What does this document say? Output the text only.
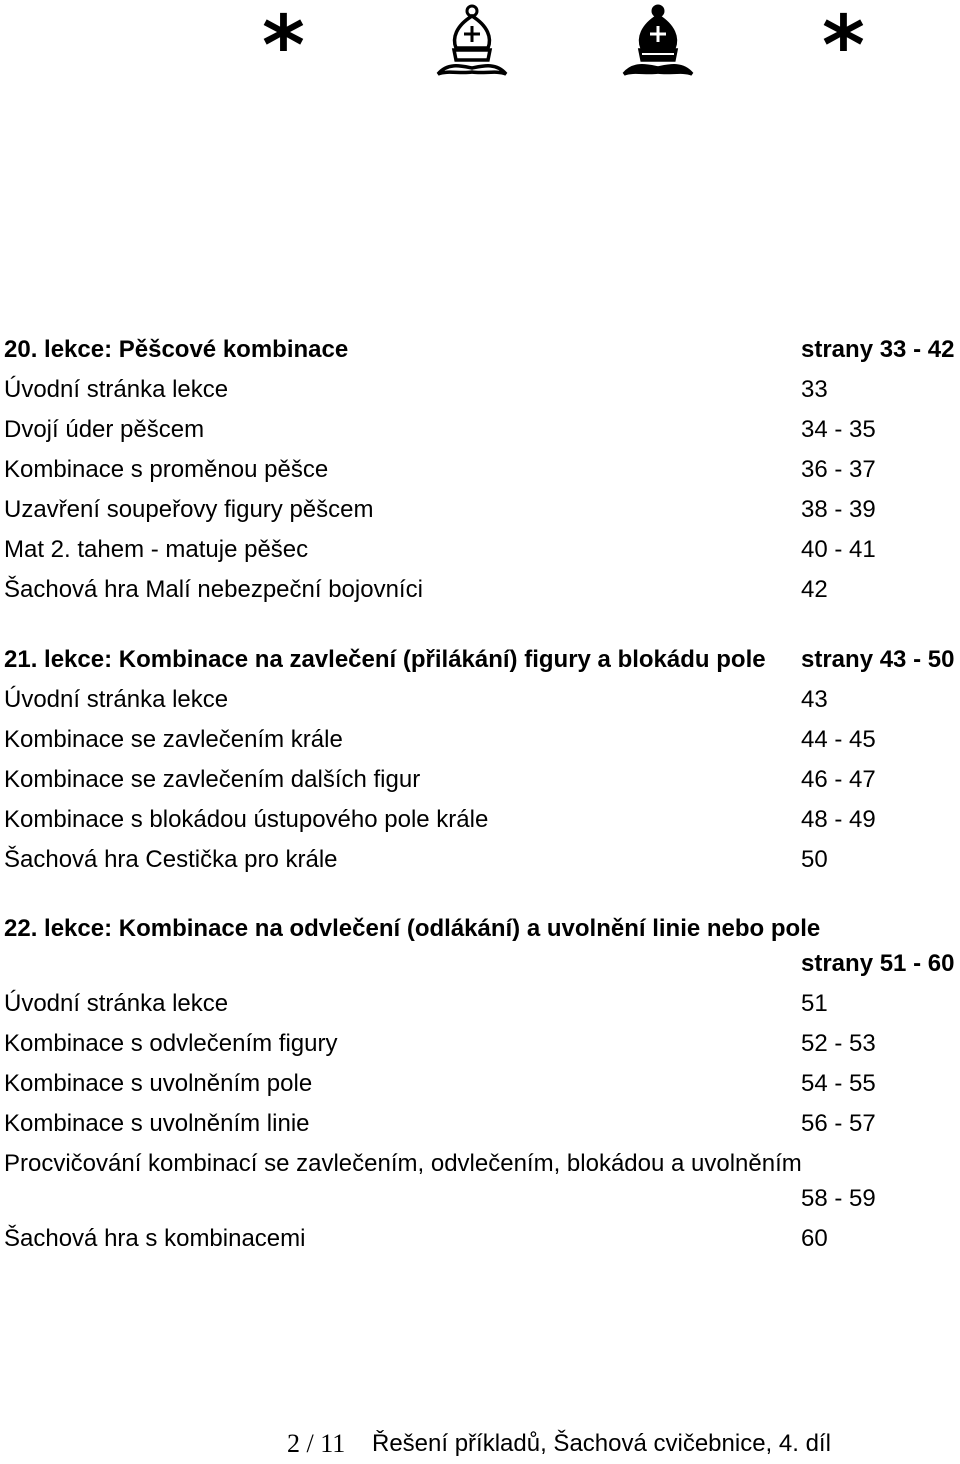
*	*
20. lekce: Pěšcové kombinace	strany 33 - 42
Úvodní stránka lekce	33
Dvojí úder pěšcem	34 - 35
Kombinace s proměnou pěšce	36 - 37
Uzavření soupeřovy figury pěšcem	38 - 39
Mat 2. tahem - matuje pěšec	40 - 41
Šachová hra Malí nebezpeční bojovníci	42
21. lekce: Kombinace na zavlečení (přilákání) figury a blokádu pole strany 43 - 50
Úvodní stránka lekce	43
Kombinace se zavlečením krále	44 - 45
Kombinace se zavlečením dalších figur	46 - 47
Kombinace s blokádou ústupového pole krále	48 - 49
Šachová hra Cestička pro krále	50
22. lekce: Kombinace na odvlečení (odlákání) a uvolnění linie nebo pole
strany 51 - 60
Úvodní stránka lekce	51
Kombinace s odvlečením figury	52 - 53
Kombinace s uvolněním pole	54 - 55
Kombinace s uvolněním linie	56 - 57
Procvičování kombinací se zavlečením, odvlečením, blokádou a uvolněním
58 - 59
Šachová hra s kombinacemi	60
2 / 11 Řešení příkladů, Šachová cvičebnice, 4. díl
